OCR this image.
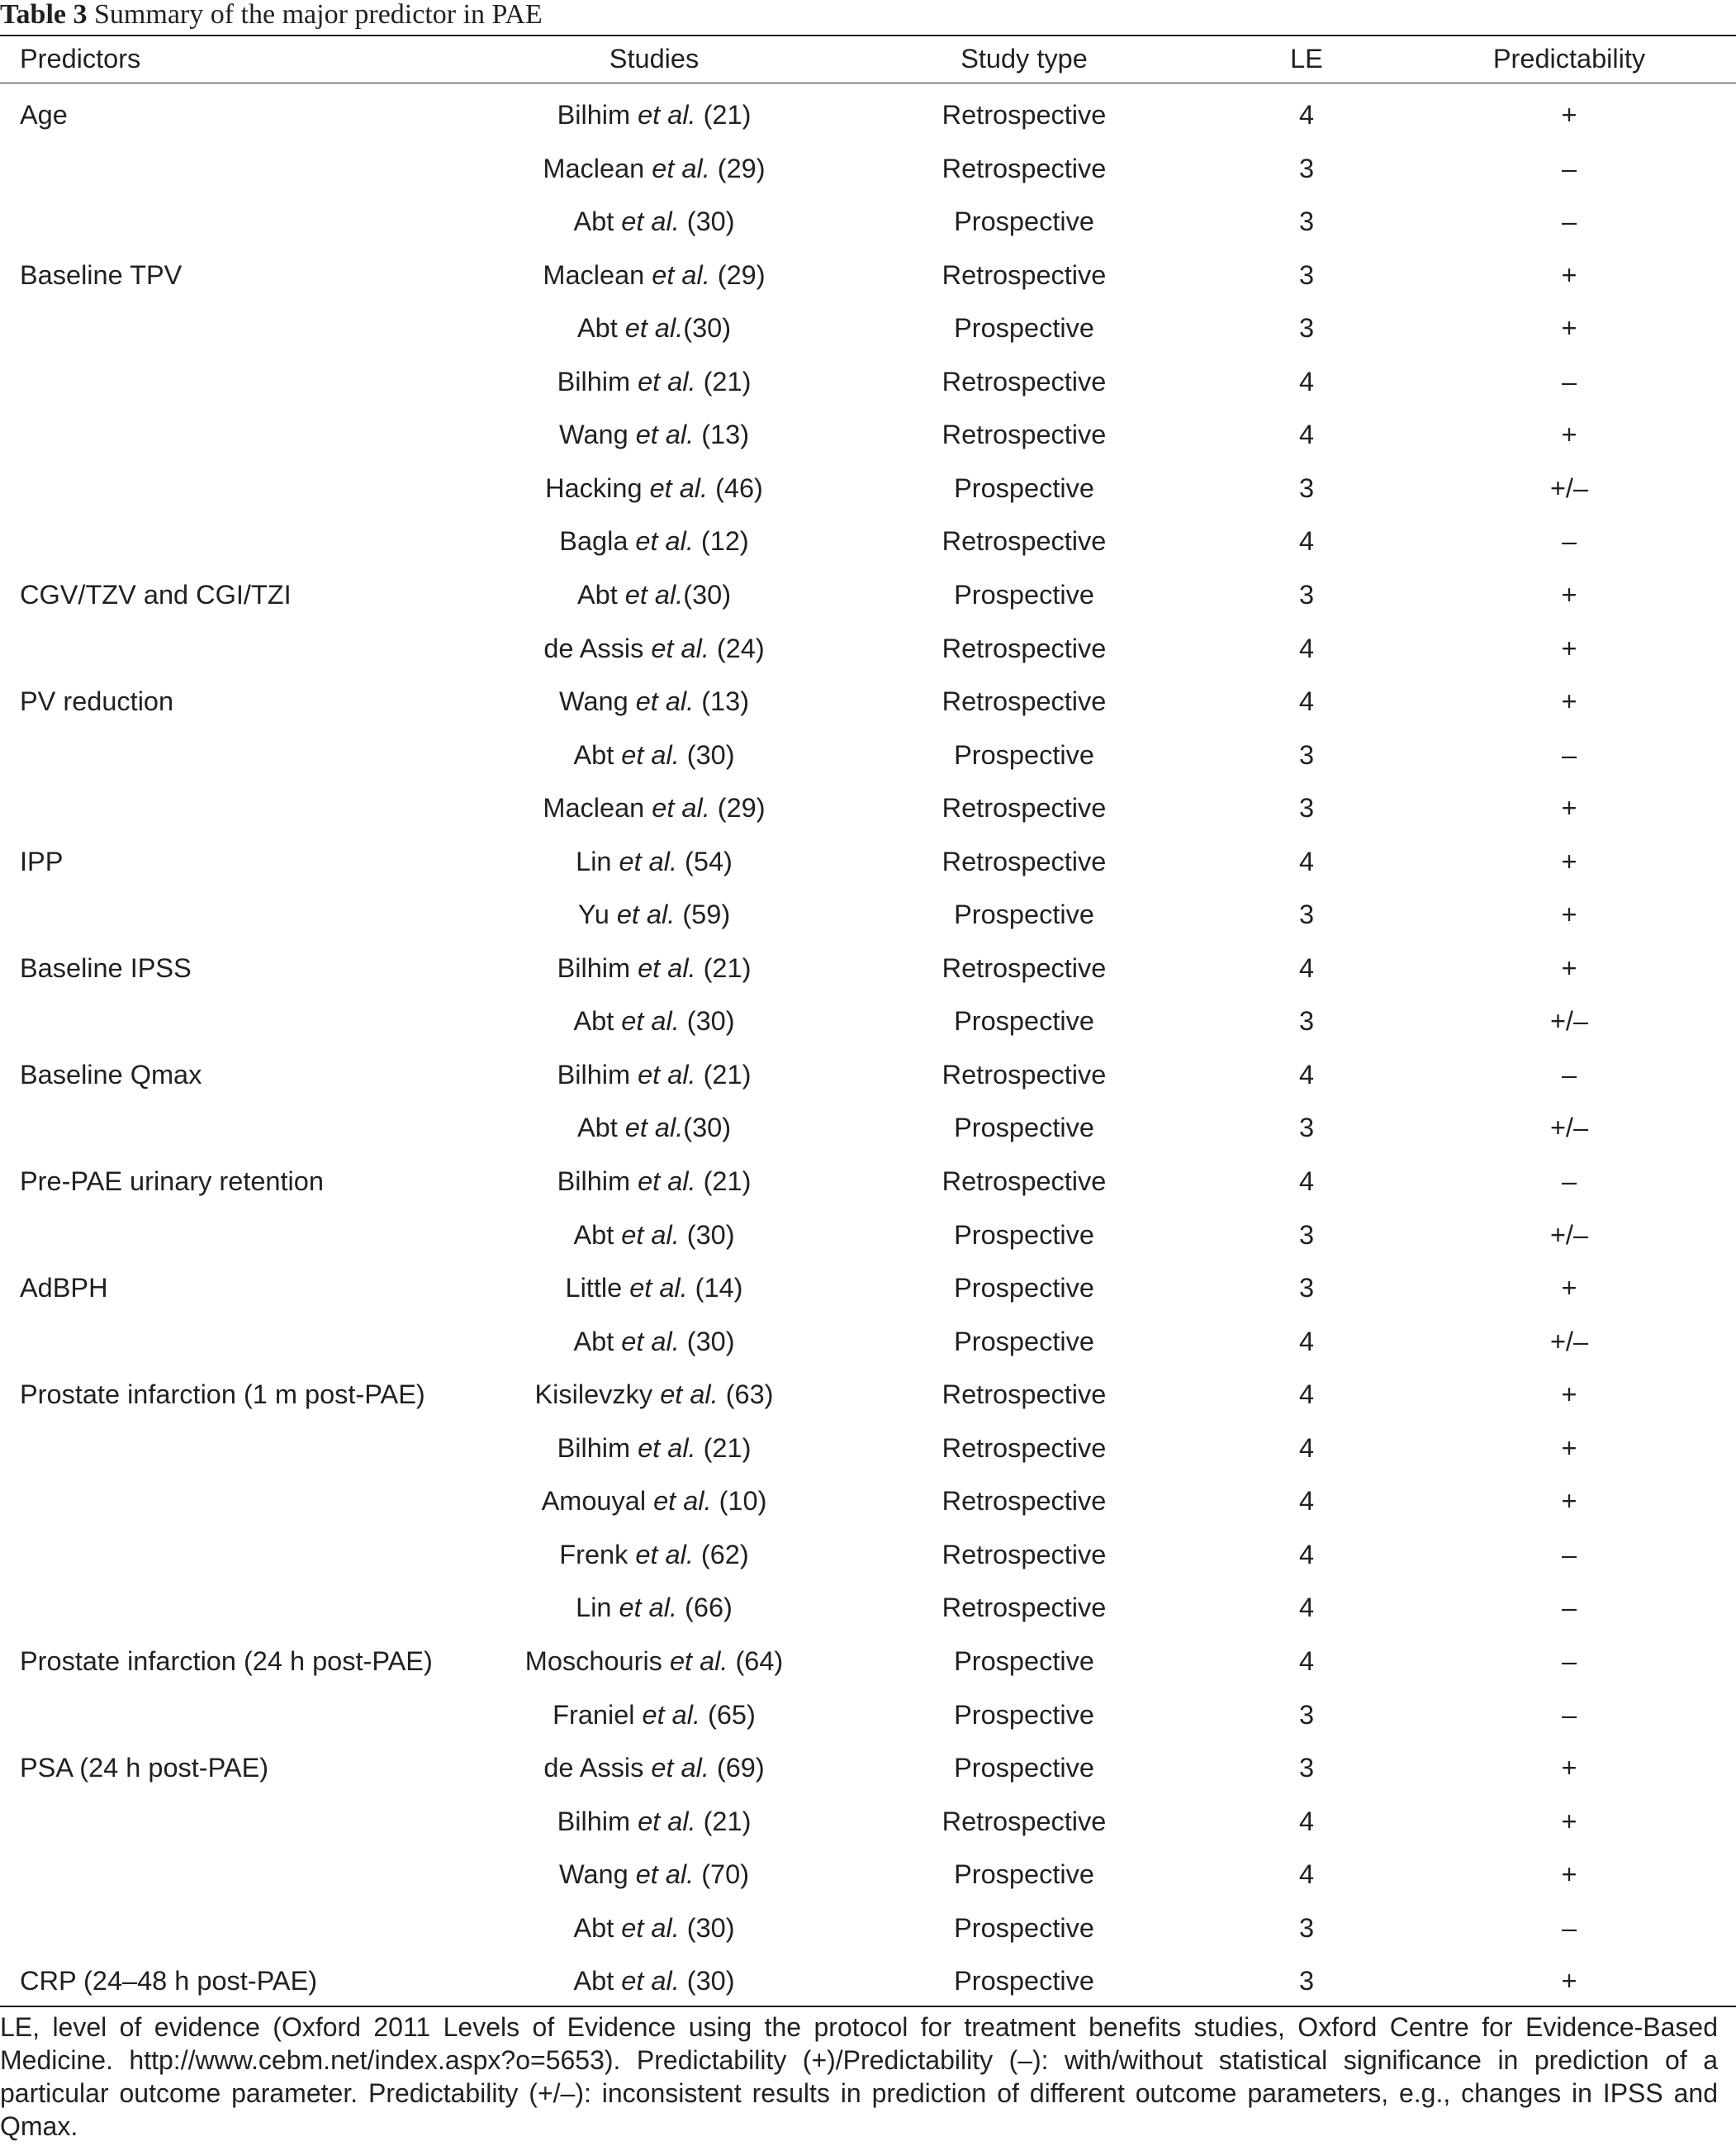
Table 3 Summary of the major predictor in PAE
Predictors	Studies	Study type	LE	Predictability
Age	Bilhim et al. (21)	Retrospective	4	+
Maclean et al. (29)	Retrospective	3	–
Abt et al. (30)	Prospective	3	–
Baseline TPV	Maclean et al. (29)	Retrospective	3	+
Abt et al.(30)	Prospective	3	+
Bilhim et al. (21)	Retrospective	4	–
Wang et al. (13)	Retrospective	4	+
Hacking et al. (46)	Prospective	3	+/–
Bagla et al. (12)	Retrospective	4	–
CGV/TZV and CGI/TZI	Abt et al.(30)	Prospective	3	+
de Assis et al. (24)	Retrospective	4	+
PV reduction	Wang et al. (13)	Retrospective	4	+
Abt et al. (30)	Prospective	3	–
Maclean et al. (29)	Retrospective	3	+
IPP	Lin et al. (54)	Retrospective	4	+
Yu et al. (59)	Prospective	3	+
Baseline IPSS	Bilhim et al. (21)	Retrospective	4	+
Abt et al. (30)	Prospective	3	+/–
Baseline Qmax	Bilhim et al. (21)	Retrospective	4	–
Abt et al.(30)	Prospective	3	+/–
Pre-PAE urinary retention	Bilhim et al. (21)	Retrospective	4	–
Abt et al. (30)	Prospective	3	+/–
AdBPH	Little et al. (14)	Prospective	3	+
Abt et al. (30)	Prospective	4	+/–
Prostate infarction (1 m post-PAE)	Kisilevzky et al. (63)	Retrospective	4	+
Bilhim et al. (21)	Retrospective	4	+
Amouyal et al. (10)	Retrospective	4	+
Frenk et al. (62)	Retrospective	4	–
Lin et al. (66)	Retrospective	4	–
Prostate infarction (24 h post-PAE)	Moschouris et al. (64)	Prospective	4	–
Franiel et al. (65)	Prospective	3	–
PSA (24 h post-PAE)	de Assis et al. (69)	Prospective	3	+
Bilhim et al. (21)	Retrospective	4	+
Wang et al. (70)	Prospective	4	+
Abt et al. (30)	Prospective	3	–
CRP (24–48 h post-PAE)	Abt et al. (30)	Prospective	3	+
LE, level of evidence (Oxford 2011 Levels of Evidence using the protocol for treatment benefits studies, Oxford Centre for Evidence-Based Medicine. http://www.cebm.net/index.aspx?o=5653). Predictability (+)/Predictability (–): with/without statistical significance in prediction of a particular outcome parameter. Predictability (+/–): inconsistent results in prediction of different outcome parameters, e.g., changes in IPSS and Qmax.
